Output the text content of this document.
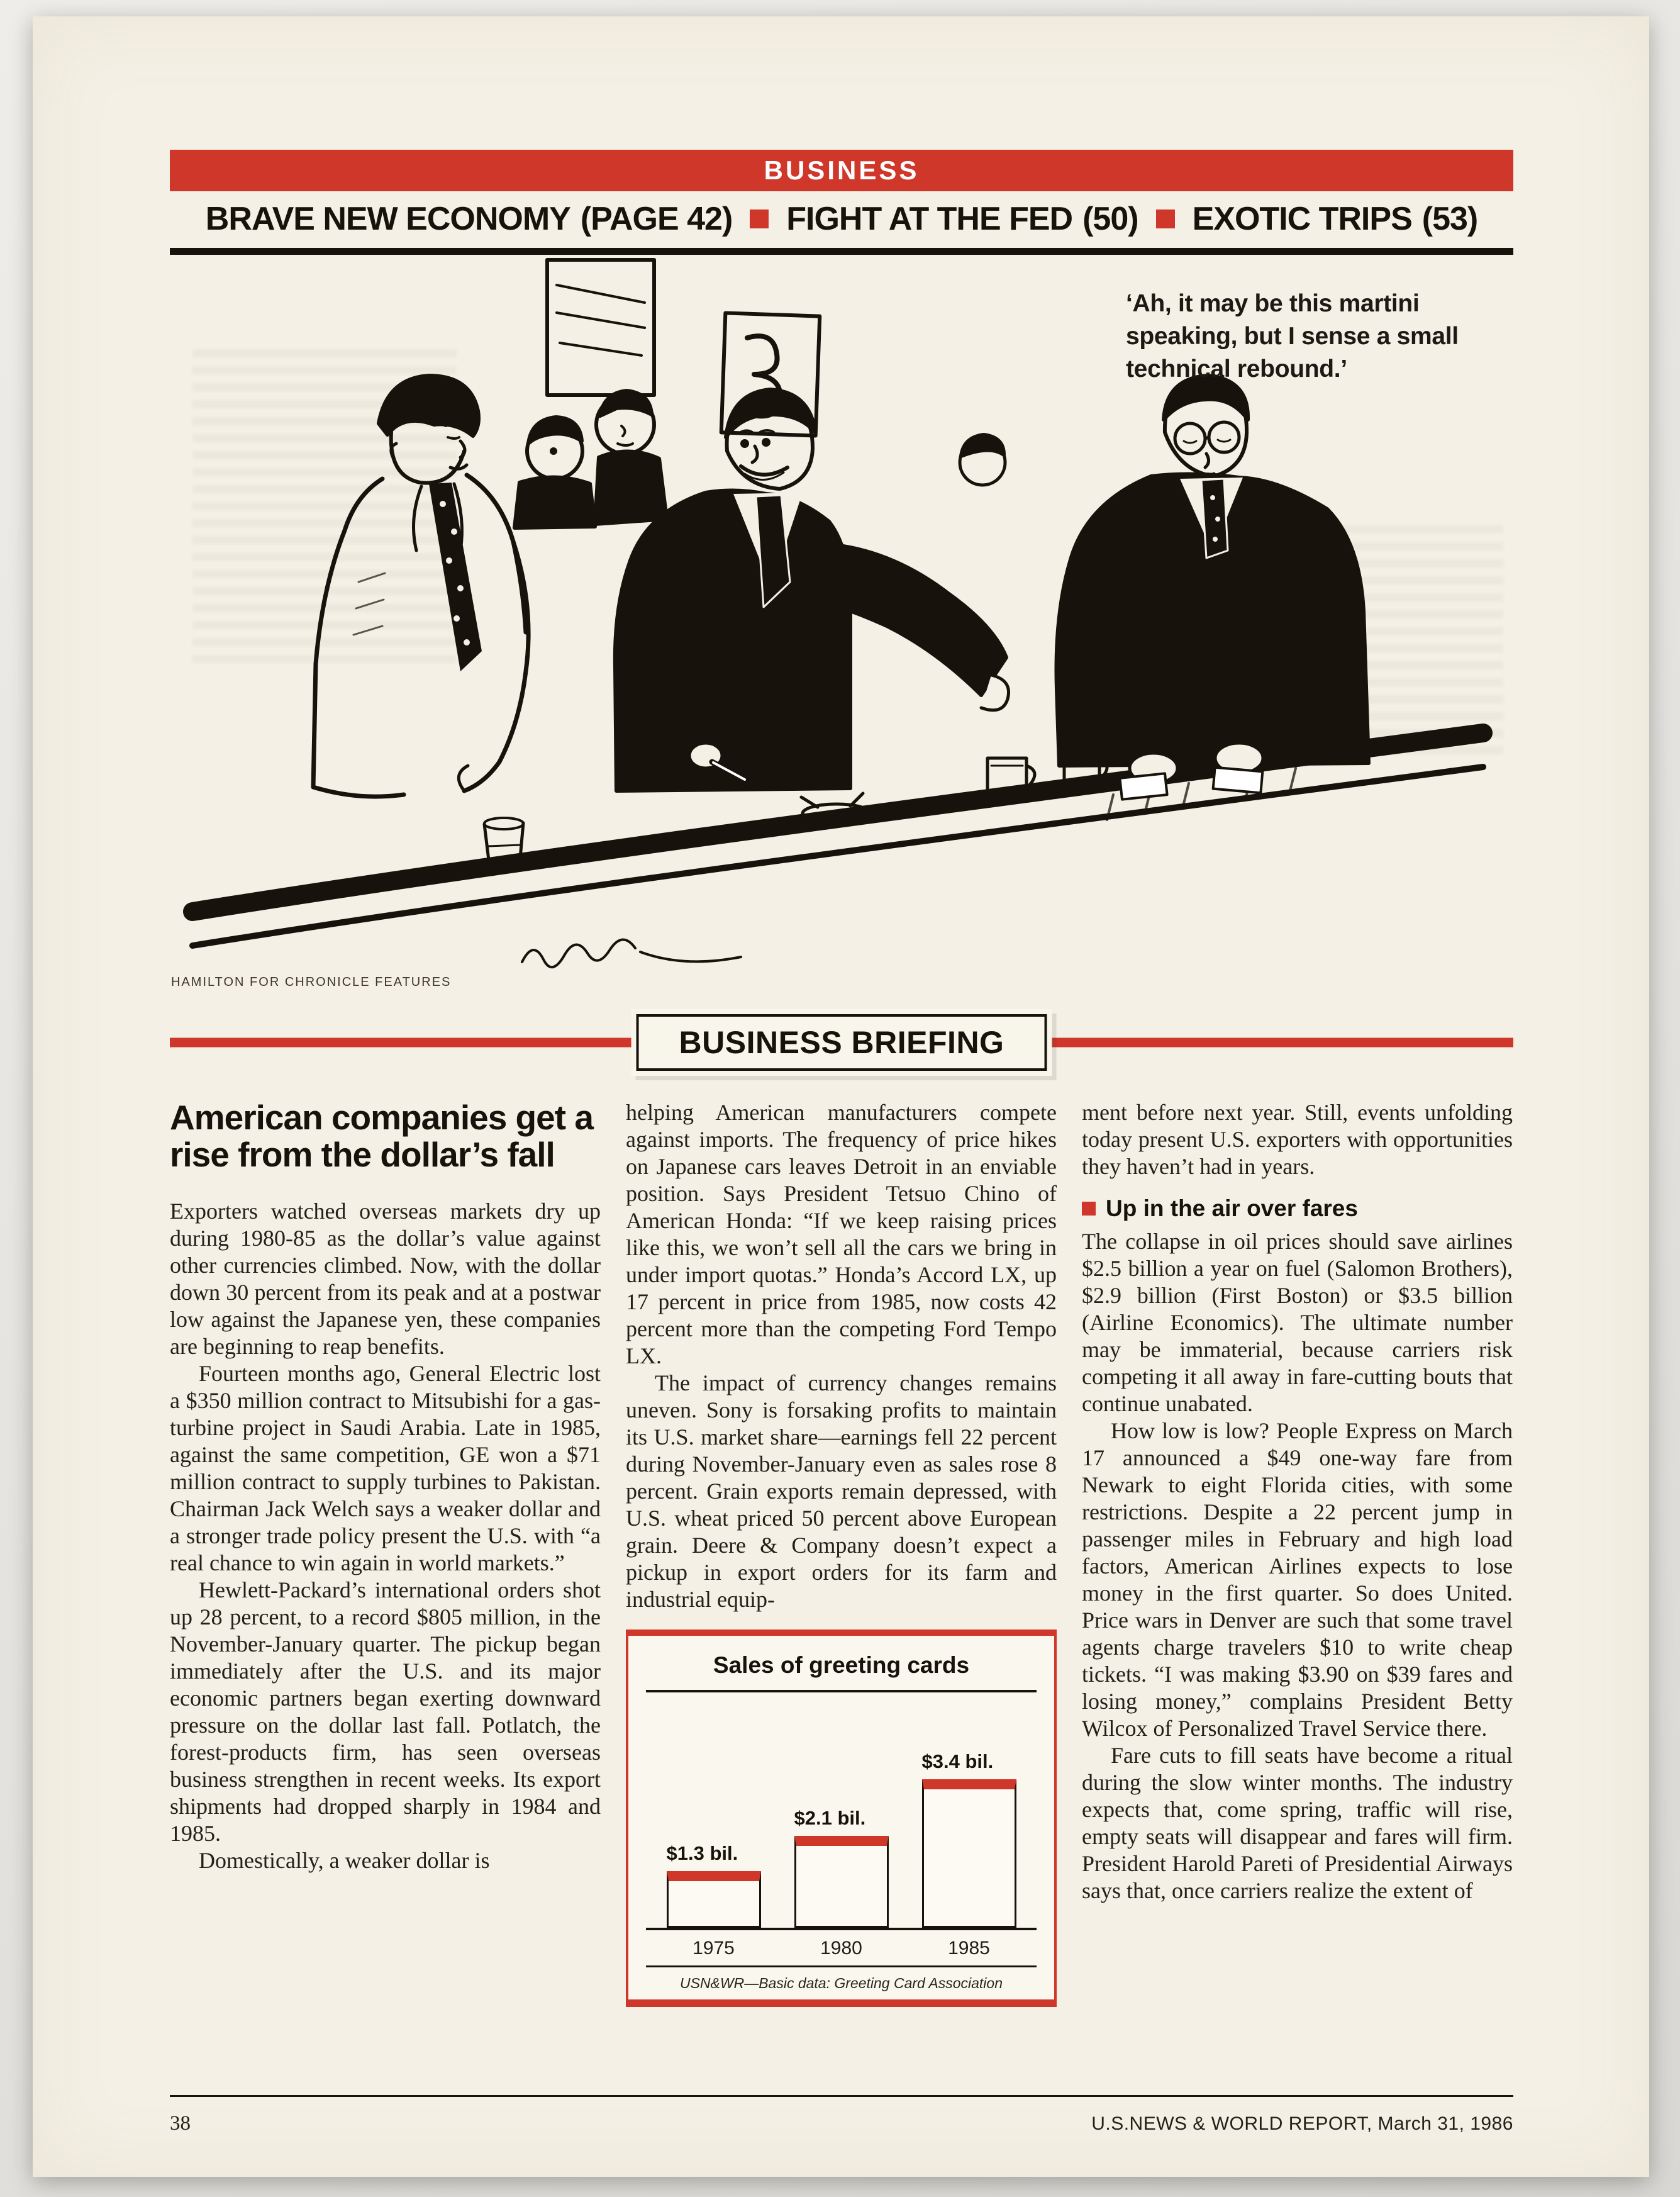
BUSINESS
BRAVE NEW ECONOMY (PAGE 42) FIGHT AT THE FED (50) EXOTIC TRIPS (53)
‘Ah, it may be this martini speaking, but I sense a small technical rebound.’
HAMILTON FOR CHRONICLE FEATURES
BUSINESS BRIEFING
American companies get a rise from the dollar’s fall

Exporters watched overseas markets dry up during 1980-85 as the dollar’s value against other currencies climbed. Now, with the dollar down 30 percent from its peak and at a postwar low against the Japanese yen, these companies are beginning to reap benefits.

Fourteen months ago, General Electric lost a $350 million contract to Mitsubishi for a gas-turbine project in Saudi Arabia. Late in 1985, against the same competition, GE won a $71 million contract to supply turbines to Pakistan. Chairman Jack Welch says a weaker dollar and a stronger trade policy present the U.S. with “a real chance to win again in world markets.”

Hewlett-Packard’s international orders shot up 28 percent, to a record $805 million, in the November-January quarter. The pickup began immediately after the U.S. and its major economic partners began exerting downward pressure on the dollar last fall. Potlatch, the forest-products firm, has seen overseas business strengthen in recent weeks. Its export shipments had dropped sharply in 1984 and 1985.

Domestically, a weaker dollar is

helping American manufacturers compete against imports. The frequency of price hikes on Japanese cars leaves Detroit in an enviable position. Says President Tetsuo Chino of American Honda: “If we keep raising prices like this, we won’t sell all the cars we bring in under import quotas.” Honda’s Accord LX, up 17 percent in price from 1985, now costs 42 percent more than the competing Ford Tempo LX.

The impact of currency changes remains uneven. Sony is forsaking profits to maintain its U.S. market share—earnings fell 22 percent during November-January even as sales rose 8 percent. Grain exports remain depressed, with U.S. wheat priced 50 percent above European grain. Deere & Company doesn’t expect a pickup in export orders for its farm and industrial equip-

Sales of greeting cards
$1.3 bil.
$2.1 bil.
$3.4 bil.
1975	1980	1985
USN&WR—Basic data: Greeting Card Association

ment before next year. Still, events unfolding today present U.S. exporters with opportunities they haven’t had in years.

Up in the air over fares

The collapse in oil prices should save airlines $2.5 billion a year on fuel (Salomon Brothers), $2.9 billion (First Boston) or $3.5 billion (Airline Economics). The ultimate number may be immaterial, because carriers risk competing it all away in fare-cutting bouts that continue unabated.

How low is low? People Express on March 17 announced a $49 one-way fare from Newark to eight Florida cities, with some restrictions. Despite a 22 percent jump in passenger miles in February and high load factors, American Airlines expects to lose money in the first quarter. So does United. Price wars in Denver are such that some travel agents charge travelers $10 to write cheap tickets. “I was making $3.90 on $39 fares and losing money,” complains President Betty Wilcox of Personalized Travel Service there.

Fare cuts to fill seats have become a ritual during the slow winter months. The industry expects that, come spring, traffic will rise, empty seats will disappear and fares will firm. President Harold Pareti of Presidential Airways says that, once carriers realize the extent of

38	U.S.NEWS & WORLD REPORT, March 31, 1986
